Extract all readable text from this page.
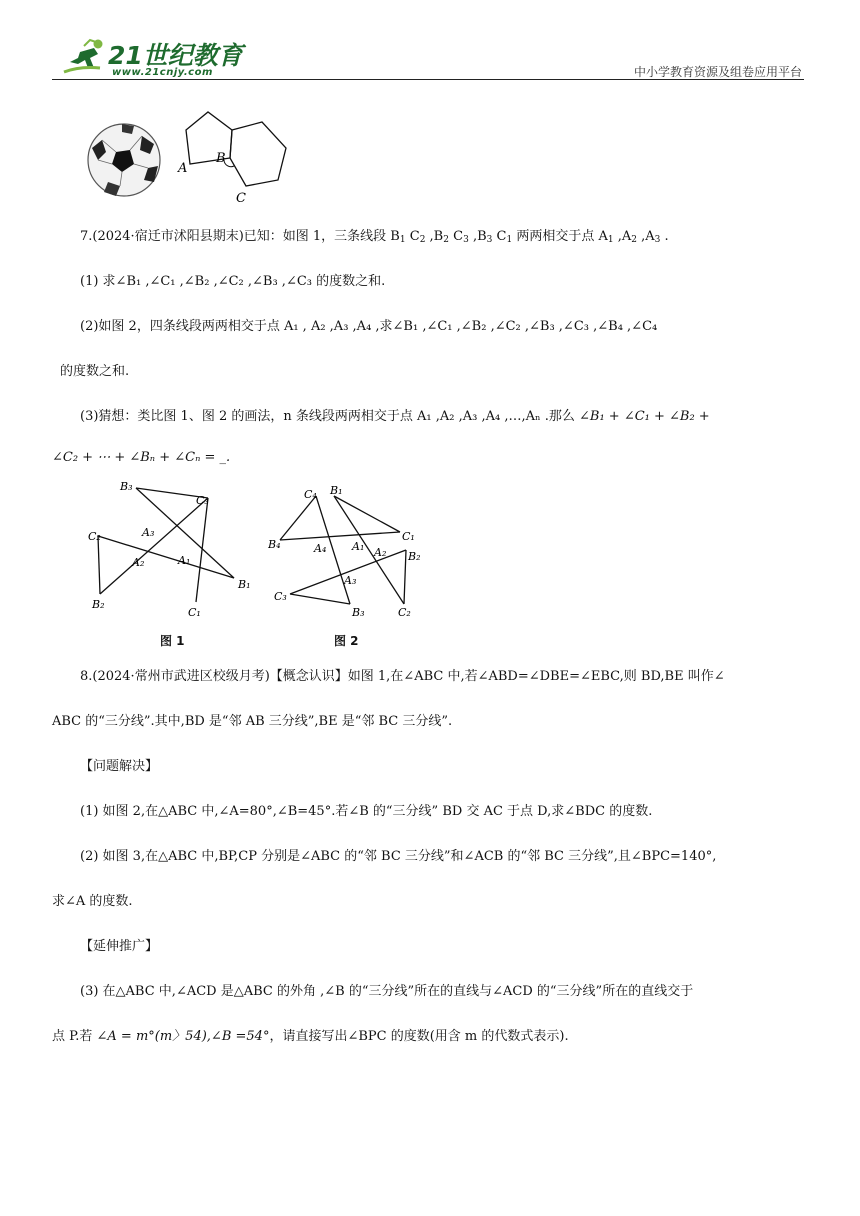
21世纪教育
www.21cnjy.com	中小学教育资源及组卷应用平台
A
B
C
7.(2024·宿迁市沭阳县期末)已知：如图 1，三条线段 $B_1$ $C_2$ $,B_2$ $C_3$ $,B_3$ $C_1$ 两两相交于点 $A_1$ $,A_2$ $,A_3$ .
(1) 求∠B₁ ,∠C₁ ,∠B₂ ,∠C₂ ,∠B₃ ,∠C₃ 的度数之和.
(2)如图 2，四条线段两两相交于点 A₁ , A₂ ,A₃ ,A₄ ,求∠B₁ ,∠C₁ ,∠B₂ ,∠C₂ ,∠B₃ ,∠C₃ ,∠B₄ ,∠C₄
的度数之和.
(3)猜想：类比图 1、图 2 的画法，n 条线段两两相交于点 A₁ ,A₂ ,A₃ ,A₄ ,…,Aₙ .那么 ∠B₁ + ∠C₁ + ∠B₂ +
∠C₂ + ⋯ + ∠Bₙ + ∠Cₙ = _.
B₃
C₃
A₃
C₂
A₂	A₁
B₁
B₂
C₁
图 1
C₄ B₁
C₁
B₄	A₄ A₁ A₂ B₂
A₃
C₃
B₃	C₂
图 2
8.(2024·常州市武进区校级月考)【概念认识】如图 1,在∠ABC 中,若∠ABD=∠DBE=∠EBC,则 BD,BE 叫作∠
ABC 的“三分线”.其中,BD 是“邻 AB 三分线”,BE 是“邻 BC 三分线”.
【问题解决】
(1) 如图 2,在△ABC 中,∠A=80°,∠B=45°.若∠B 的“三分线” BD 交 AC 于点 D,求∠BDC 的度数.
(2) 如图 3,在△ABC 中,BP,CP 分别是∠ABC 的“邻 BC 三分线”和∠ACB 的“邻 BC 三分线”,且∠BPC=140°,
求∠A 的度数.
【延伸推广】
(3) 在△ABC 中,∠ACD 是△ABC 的外角 ,∠B 的“三分线”所在的直线与∠ACD 的“三分线”所在的直线交于
点 P.若 ∠A = m°(m〉54),∠B =54°，请直接写出∠BPC 的度数(用含 m 的代数式表示).
